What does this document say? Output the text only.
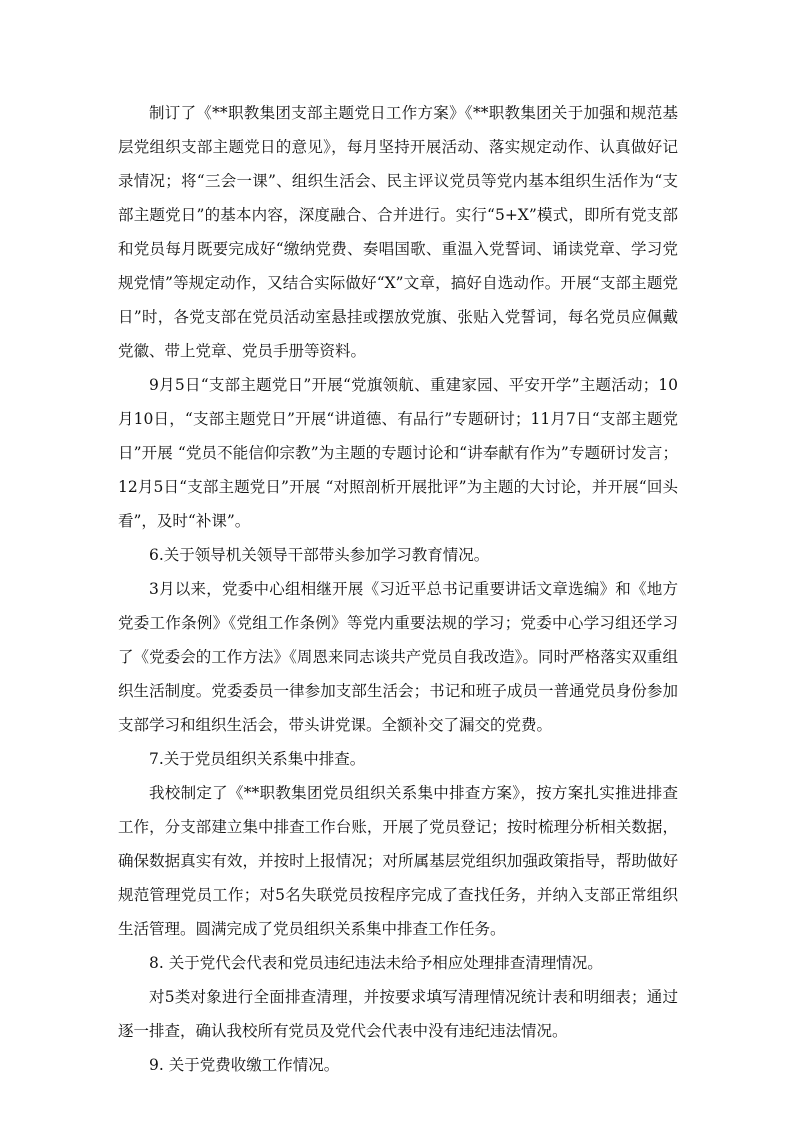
制订了《**职教集团支部主题党日工作方案》《**职教集团关于加强和规范基层党组织支部主题党日的意见》，每月坚持开展活动、落实规定动作、认真做好记录情况；将“三会一课”、组织生活会、民主评议党员等党内基本组织生活作为“支部主题党日”的基本内容，深度融合、合并进行。实行“5+X”模式，即所有党支部和党员每月既要完成好“缴纳党费、奏唱国歌、重温入党誓词、诵读党章、学习党规党情”等规定动作，又结合实际做好“X”文章，搞好自选动作。开展“支部主题党日”时，各党支部在党员活动室悬挂或摆放党旗、张贴入党誓词，每名党员应佩戴党徽、带上党章、党员手册等资料。

9月5日“支部主题党日”开展“党旗领航、重建家园、平安开学”主题活动；10月10日，“支部主题党日”开展“讲道德、有品行”专题研讨；11月7日“支部主题党日”开展 “党员不能信仰宗教”为主题的专题讨论和“讲奉献有作为”专题研讨发言；12月5日“支部主题党日”开展 “对照剖析开展批评”为主题的大讨论，并开展“回头看”，及时“补课”。

6.关于领导机关领导干部带头参加学习教育情况。

3月以来，党委中心组相继开展《习近平总书记重要讲话文章选编》和《地方党委工作条例》《党组工作条例》等党内重要法规的学习；党委中心学习组还学习了《党委会的工作方法》《周恩来同志谈共产党员自我改造》。同时严格落实双重组织生活制度。党委委员一律参加支部生活会；书记和班子成员一普通党员身份参加支部学习和组织生活会，带头讲党课。全额补交了漏交的党费。

7.关于党员组织关系集中排查。

我校制定了《**职教集团党员组织关系集中排查方案》，按方案扎实推进排查工作，分支部建立集中排查工作台账，开展了党员登记；按时梳理分析相关数据，确保数据真实有效，并按时上报情况；对所属基层党组织加强政策指导，帮助做好规范管理党员工作；对5名失联党员按程序完成了查找任务，并纳入支部正常组织生活管理。圆满完成了党员组织关系集中排查工作任务。

8. 关于党代会代表和党员违纪违法未给予相应处理排查清理情况。

对5类对象进行全面排查清理，并按要求填写清理情况统计表和明细表；通过逐一排查，确认我校所有党员及党代会代表中没有违纪违法情况。

9. 关于党费收缴工作情况。
